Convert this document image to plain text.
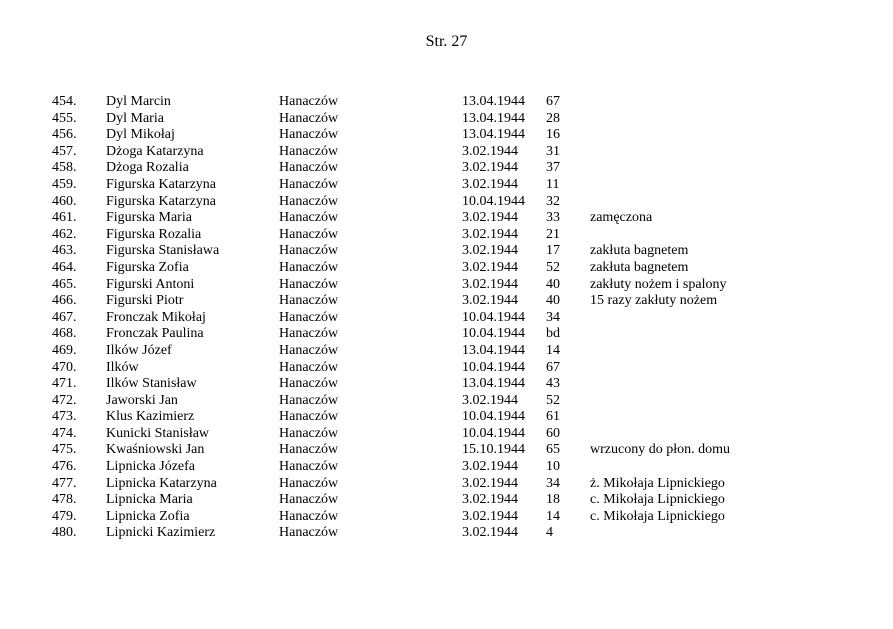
Str. 27
454. Dyl Marcin	Hanaczów	13.04.1944 67
455. Dyl Maria	Hanaczów	13.04.1944 28
456. Dyl Mikołaj	Hanaczów	13.04.1944 16
457. Dżoga Katarzyna	Hanaczów	3.02.1944 31
458. Dżoga Rozalia	Hanaczów	3.02.1944 37
459. Figurska Katarzyna	Hanaczów	3.02.1944 11
460. Figurska Katarzyna	Hanaczów	10.04.1944 32
461. Figurska Maria	Hanaczów	3.02.1944 33 zamęczona
462. Figurska Rozalia	Hanaczów	3.02.1944 21
463. Figurska Stanisława	Hanaczów	3.02.1944 17 zakłuta bagnetem
464. Figurska Zofia	Hanaczów	3.02.1944 52 zakłuta bagnetem
465. Figurski Antoni	Hanaczów	3.02.1944 40 zakłuty nożem i spalony
466. Figurski Piotr	Hanaczów	3.02.1944 40 15 razy zakłuty nożem
467. Fronczak Mikołaj	Hanaczów	10.04.1944 34
468. Fronczak Paulina	Hanaczów	10.04.1944 bd
469. Ilków Józef	Hanaczów	13.04.1944 14
470. Ilków	Hanaczów	10.04.1944 67
471. Ilków Stanisław	Hanaczów	13.04.1944 43
472. Jaworski Jan	Hanaczów	3.02.1944 52
473. Klus Kazimierz	Hanaczów	10.04.1944 61
474. Kunicki Stanisław	Hanaczów	10.04.1944 60
475. Kwaśniowski Jan	Hanaczów	15.10.1944 65 wrzucony do płon. domu
476. Lipnicka Józefa	Hanaczów	3.02.1944 10
477. Lipnicka Katarzyna	Hanaczów	3.02.1944 34 ż. Mikołaja Lipnickiego
478. Lipnicka Maria	Hanaczów	3.02.1944 18 c. Mikołaja Lipnickiego
479. Lipnicka Zofia	Hanaczów	3.02.1944 14 c. Mikołaja Lipnickiego
480. Lipnicki Kazimierz	Hanaczów	3.02.1944 4
